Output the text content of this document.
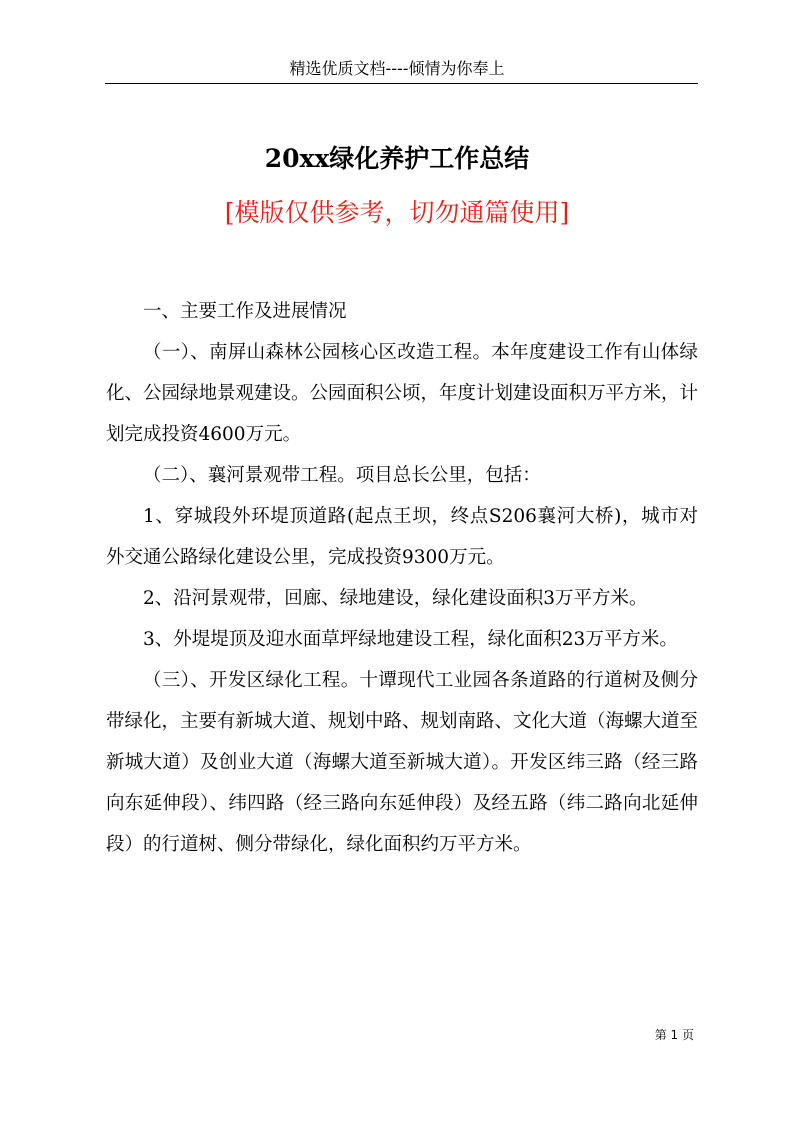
精选优质文档----倾情为你奉上
20xx绿化养护工作总结
[模版仅供参考，切勿通篇使用]

一、主要工作及进展情况

（一）、南屏山森林公园核心区改造工程。本年度建设工作有山体绿化、公园绿地景观建设。公园面积公顷，年度计划建设面积万平方米，计划完成投资4600万元。

（二）、襄河景观带工程。项目总长公里，包括：

1、穿城段外环堤顶道路(起点王坝，终点S206襄河大桥)，城市对外交通公路绿化建设公里，完成投资9300万元。

2、沿河景观带，回廊、绿地建设，绿化建设面积3万平方米。

3、外堤堤顶及迎水面草坪绿地建设工程，绿化面积23万平方米。

（三）、开发区绿化工程。十谭现代工业园各条道路的行道树及侧分带绿化，主要有新城大道、规划中路、规划南路、文化大道（海螺大道至新城大道）及创业大道（海螺大道至新城大道）。开发区纬三路（经三路向东延伸段）、纬四路（经三路向东延伸段）及经五路（纬二路向北延伸段）的行道树、侧分带绿化，绿化面积约万平方米。

第 1 页
